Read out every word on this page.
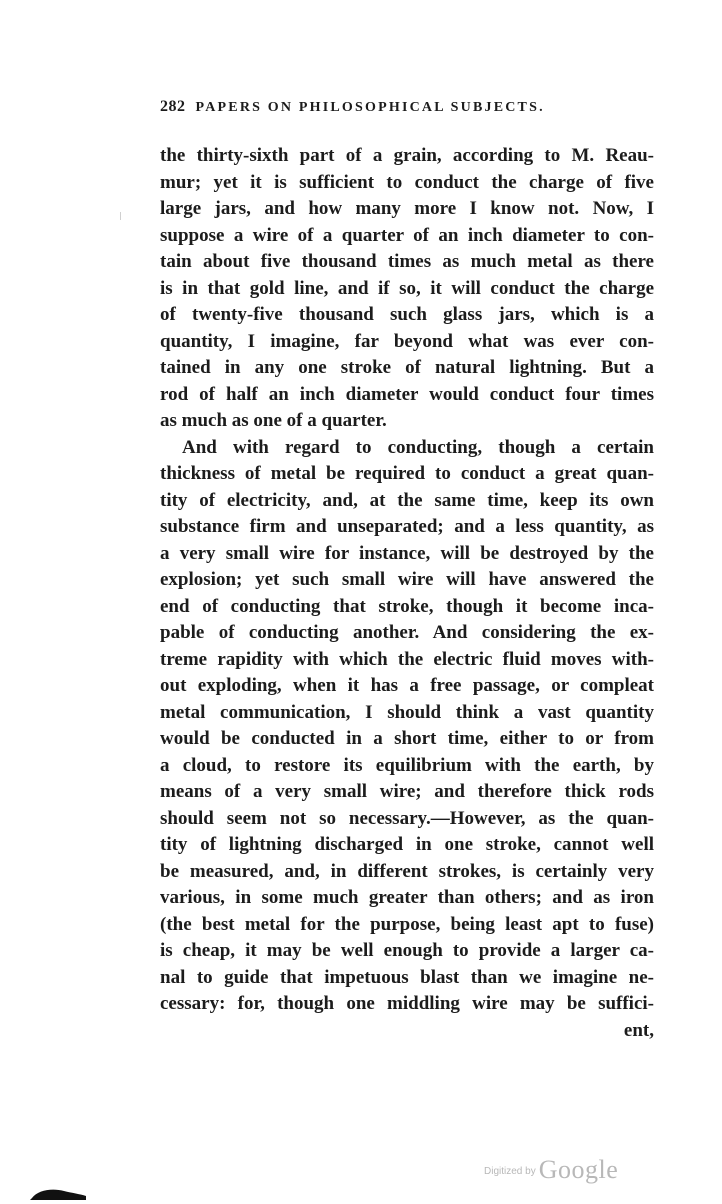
282 PAPERS ON PHILOSOPHICAL SUBJECTS.
the thirty-sixth part of a grain, according to M. Reau-
mur; yet it is sufficient to conduct the charge of five
large jars, and how many more I know not. Now, I
suppose a wire of a quarter of an inch diameter to con-
tain about five thousand times as much metal as there
is in that gold line, and if so, it will conduct the charge
of twenty-five thousand such glass jars, which is a
quantity, I imagine, far beyond what was ever con-
tained in any one stroke of natural lightning. But a
rod of half an inch diameter would conduct four times
as much as one of a quarter.
And with regard to conducting, though a certain
thickness of metal be required to conduct a great quan-
tity of electricity, and, at the same time, keep its own
substance firm and unseparated; and a less quantity, as
a very small wire for instance, will be destroyed by the
explosion; yet such small wire will have answered the
end of conducting that stroke, though it become inca-
pable of conducting another. And considering the ex-
treme rapidity with which the electric fluid moves with-
out exploding, when it has a free passage, or compleat
metal communication, I should think a vast quantity
would be conducted in a short time, either to or from
a cloud, to restore its equilibrium with the earth, by
means of a very small wire; and therefore thick rods
should seem not so necessary.—However, as the quan-
tity of lightning discharged in one stroke, cannot well
be measured, and, in different strokes, is certainly very
various, in some much greater than others; and as iron
(the best metal for the purpose, being least apt to fuse)
is cheap, it may be well enough to provide a larger ca-
nal to guide that impetuous blast than we imagine ne-
cessary: for, though one middling wire may be suffici-
ent,
$^{Digitized by}$ Google
